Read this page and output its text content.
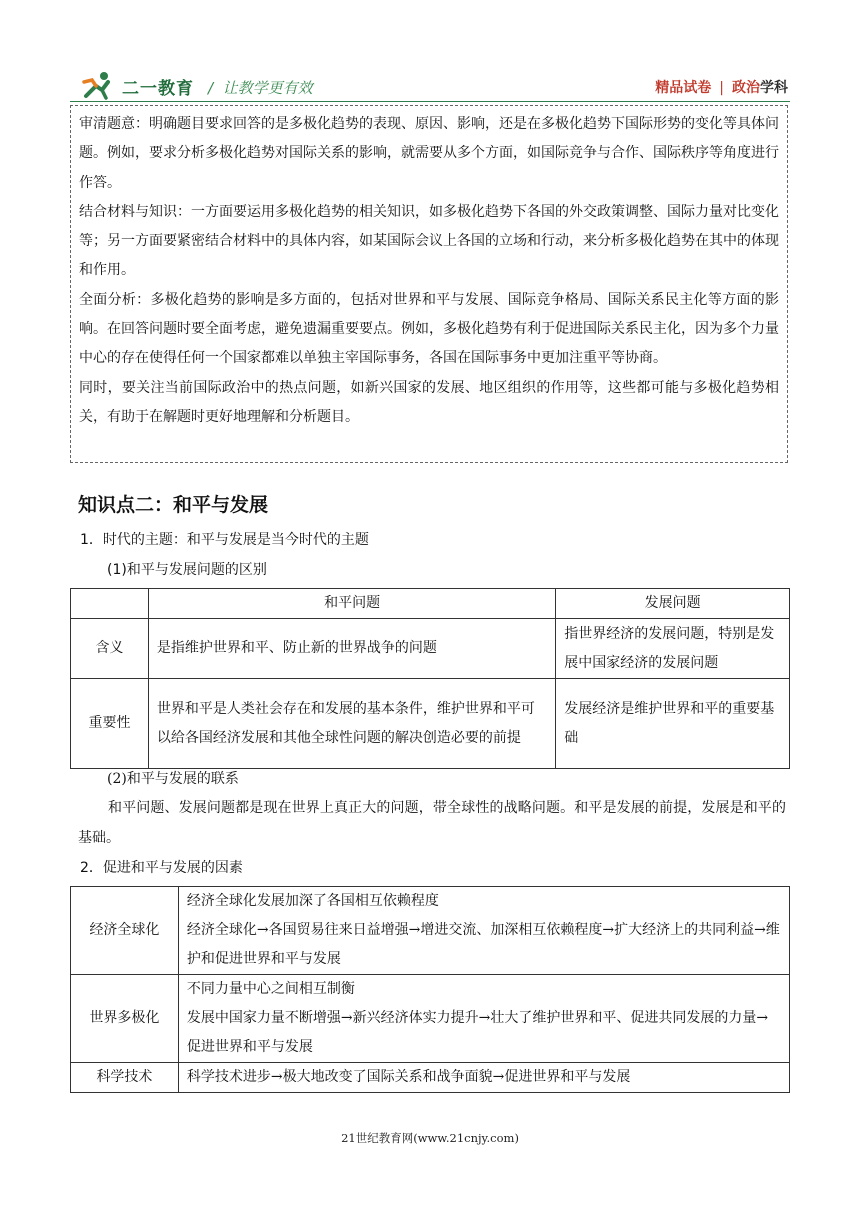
二一教育 /  让教学更有效	精品试卷 | 政治学科

审清题意：明确题目要求回答的是多极化趋势的表现、原因、影响，还是在多极化趋势下国际形势的变化等具体问题。例如，要求分析多极化趋势对国际关系的影响，就需要从多个方面，如国际竞争与合作、国际秩序等角度进行作答。

结合材料与知识：一方面要运用多极化趋势的相关知识，如多极化趋势下各国的外交政策调整、国际力量对比变化等；另一方面要紧密结合材料中的具体内容，如某国际会议上各国的立场和行动，来分析多极化趋势在其中的体现和作用。

全面分析：多极化趋势的影响是多方面的，包括对世界和平与发展、国际竞争格局、国际关系民主化等方面的影响。在回答问题时要全面考虑，避免遗漏重要要点。例如，多极化趋势有利于促进国际关系民主化，因为多个力量中心的存在使得任何一个国家都难以单独主宰国际事务，各国在国际事务中更加注重平等协商。

同时，要关注当前国际政治中的热点问题，如新兴国家的发展、地区组织的作用等，这些都可能与多极化趋势相关，有助于在解题时更好地理解和分析题目。

知识点二：和平与发展
1．时代的主题：和平与发展是当今时代的主题
(1)和平与发展问题的区别
	和平问题	发展问题
含义	是指维护世界和平、防止新的世界战争的问题	指世界经济的发展问题，特别是发展中国家经济的发展问题
重要性	世界和平是人类社会存在和发展的基本条件，维护世界和平可以给各国经济发展和其他全球性问题的解决创造必要的前提	发展经济是维护世界和平的重要基础
(2)和平与发展的联系
和平问题、发展问题都是现在世界上真正大的问题，带全球性的战略问题。和平是发展的前提，发展是和平的基础。
2．促进和平与发展的因素
经济全球化	经济全球化发展加深了各国相互依赖程度
经济全球化→各国贸易往来日益增强→增进交流、加深相互依赖程度→扩大经济上的共同利益→维护和促进世界和平与发展

世界多极化	不同力量中心之间相互制衡
发展中国家力量不断增强→新兴经济体实力提升→壮大了维护世界和平、促进共同发展的力量→促进世界和平与发展

科学技术	科学技术进步→极大地改变了国际关系和战争面貌→促进世界和平与发展
21世纪教育网(www.21cnjy.com)
